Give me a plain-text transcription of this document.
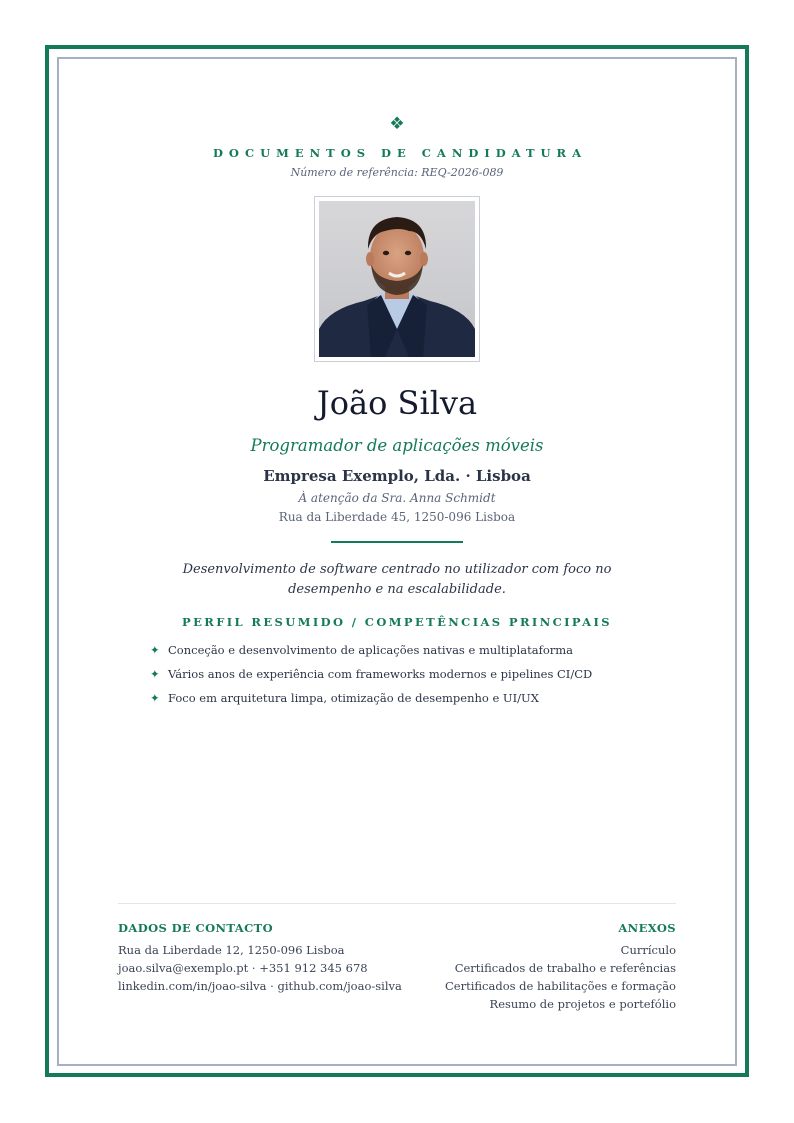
❖
DOCUMENTOS DE CANDIDATURA
Número de referência: REQ-2026-089
João Silva
Programador de aplicações móveis
Empresa Exemplo, Lda. · Lisboa
À atenção da Sra. Anna Schmidt
Rua da Liberdade 45, 1250-096 Lisboa
Desenvolvimento de software centrado no utilizador com foco no desempenho e na escalabilidade.
PERFIL RESUMIDO / COMPETÊNCIAS PRINCIPAIS
✦ Conceção e desenvolvimento de aplicações nativas e multiplataforma
✦ Vários anos de experiência com frameworks modernos e pipelines CI/CD
✦ Foco em arquitetura limpa, otimização de desempenho e UI/UX
DADOS DE CONTACTO
Rua da Liberdade 12, 1250-096 Lisboa
joao.silva@exemplo.pt · +351 912 345 678
linkedin.com/in/joao-silva · github.com/joao-silva
ANEXOS
Currículo
Certificados de trabalho e referências
Certificados de habilitações e formação
Resumo de projetos e portefólio
